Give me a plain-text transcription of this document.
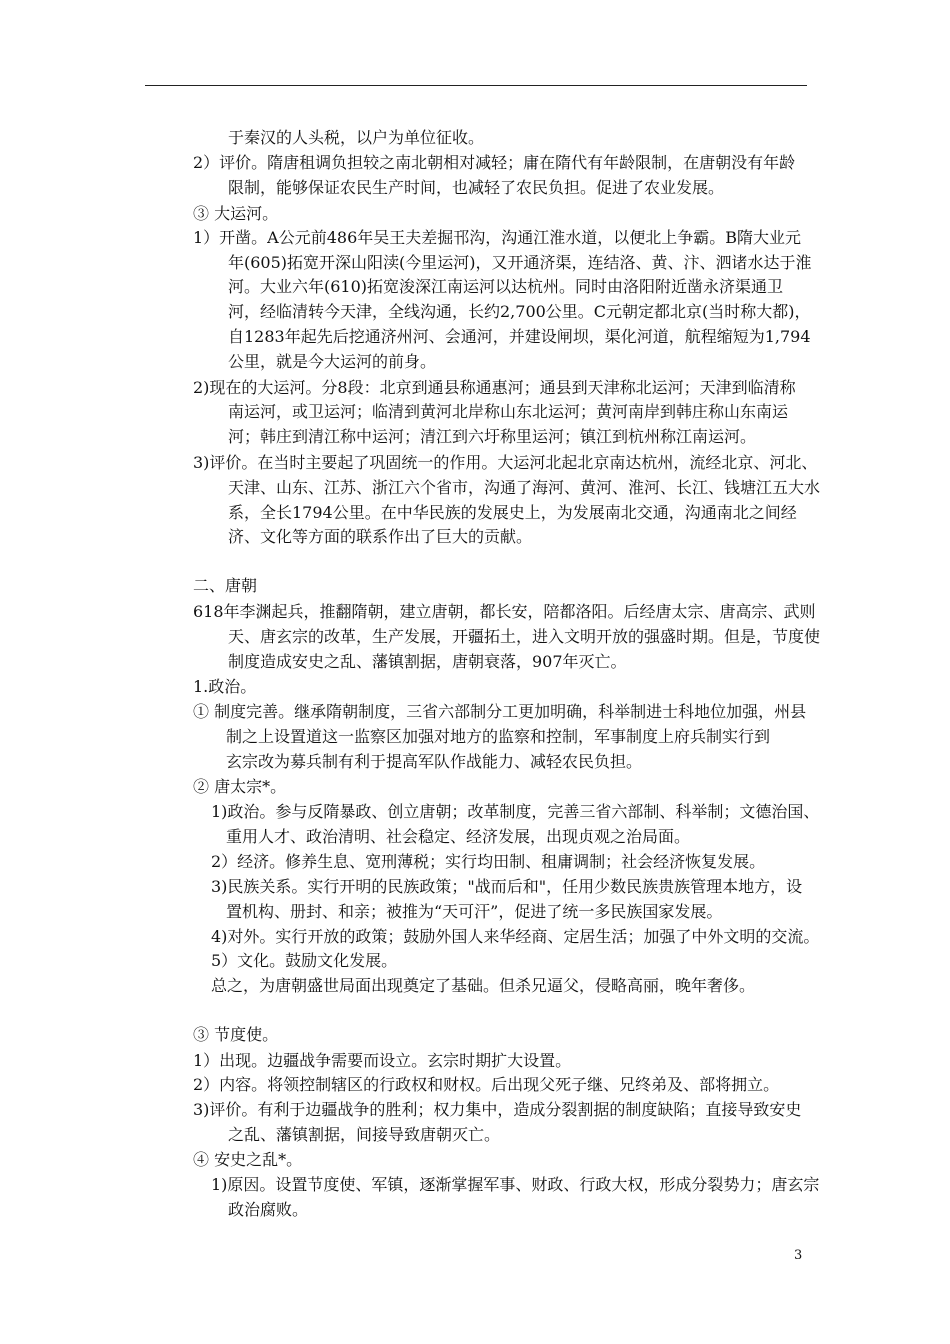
于秦汉的人头税，以户为单位征收。
2）评价。隋唐租调负担较之南北朝相对减轻；庸在隋代有年龄限制，在唐朝没有年龄
限制，能够保证农民生产时间，也减轻了农民负担。促进了农业发展。
③ 大运河。
1）开凿。A公元前486年吴王夫差掘邗沟，沟通江淮水道，以便北上争霸。B隋大业元
年(605)拓宽开深山阳渎(今里运河)，又开通济渠，连结洛、黄、汴、泗诸水达于淮
河。大业六年(610)拓宽浚深江南运河以达杭州。同时由洛阳附近凿永济渠通卫
河，经临清转今天津，全线沟通，长约2,700公里。C元朝定都北京(当时称大都)，
自1283年起先后挖通济州河、会通河，并建设闸坝，渠化河道，航程缩短为1,794
公里，就是今大运河的前身。
2)现在的大运河。分8段：北京到通县称通惠河；通县到天津称北运河；天津到临清称
南运河，或卫运河；临清到黄河北岸称山东北运河；黄河南岸到韩庄称山东南运
河；韩庄到清江称中运河；清江到六圩称里运河；镇江到杭州称江南运河。
3)评价。在当时主要起了巩固统一的作用。大运河北起北京南达杭州，流经北京、河北、
天津、山东、江苏、浙江六个省市，沟通了海河、黄河、淮河、长江、钱塘江五大水
系，全长1794公里。在中华民族的发展史上，为发展南北交通，沟通南北之间经
济、文化等方面的联系作出了巨大的贡献。
二、唐朝
618年李渊起兵，推翻隋朝，建立唐朝，都长安，陪都洛阳。后经唐太宗、唐高宗、武则
天、唐玄宗的改革，生产发展，开疆拓土，进入文明开放的强盛时期。但是，节度使
制度造成安史之乱、藩镇割据，唐朝衰落，907年灭亡。
1.政治。
① 制度完善。继承隋朝制度，三省六部制分工更加明确，科举制进士科地位加强，州县
制之上设置道这一监察区加强对地方的监察和控制，军事制度上府兵制实行到
玄宗改为募兵制有利于提高军队作战能力、减轻农民负担。
② 唐太宗*。
1)政治。参与反隋暴政、创立唐朝；改革制度，完善三省六部制、科举制；文德治国、
重用人才、政治清明、社会稳定、经济发展，出现贞观之治局面。
2）经济。修养生息、宽刑薄税；实行均田制、租庸调制；社会经济恢复发展。
3)民族关系。实行开明的民族政策；"战而后和"，任用少数民族贵族管理本地方，设
置机构、册封、和亲；被推为“天可汗”，促进了统一多民族国家发展。
4)对外。实行开放的政策；鼓励外国人来华经商、定居生活；加强了中外文明的交流。
5）文化。鼓励文化发展。
总之，为唐朝盛世局面出现奠定了基础。但杀兄逼父，侵略高丽，晚年奢侈。
③ 节度使。
1）出现。边疆战争需要而设立。玄宗时期扩大设置。
2）内容。将领控制辖区的行政权和财权。后出现父死子继、兄终弟及、部将拥立。
3)评价。有利于边疆战争的胜利；权力集中，造成分裂割据的制度缺陷；直接导致安史
之乱、藩镇割据，间接导致唐朝灭亡。
④ 安史之乱*。
1)原因。设置节度使、军镇，逐渐掌握军事、财政、行政大权，形成分裂势力；唐玄宗
政治腐败。
3
